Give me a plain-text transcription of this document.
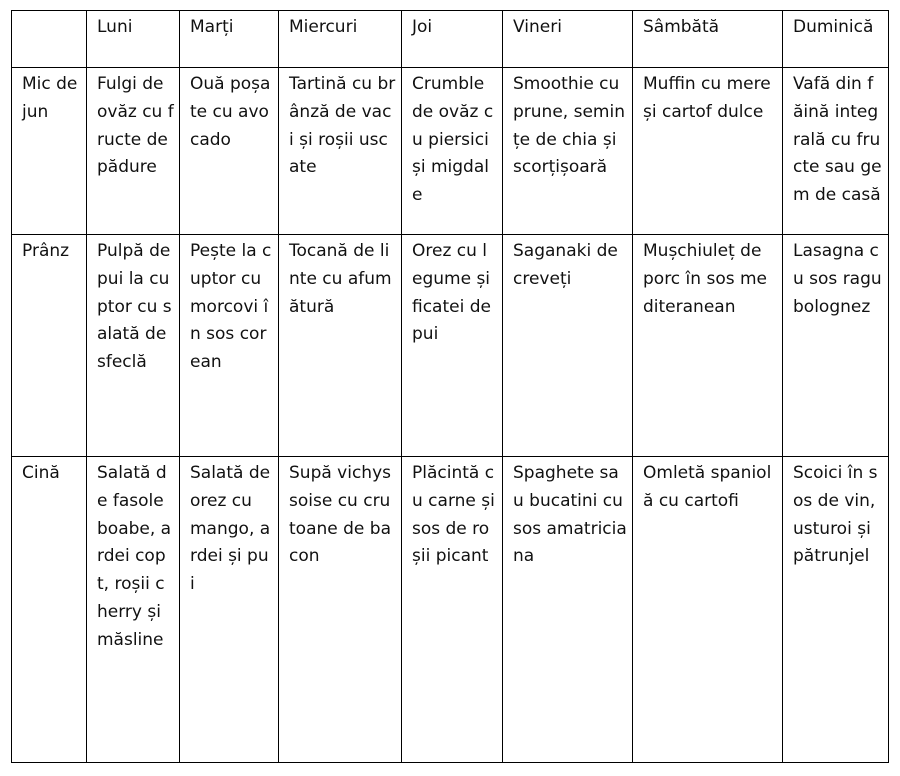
	Luni	Marți	Miercuri	Joi	Vineri	Sâmbătă	Duminică
Mic dejun	Fulgi de ovăz cu fructe de pădure	Ouă poșate cu avocado	Tartină cu brânză de vaci și roșii uscate	Crumble de ovăz cu piersici și migdale	Smoothie cu prune, semințe de chia și scorțișoară	Muffin cu mere și cartof dulce	Vafă din făină integrală cu fructe sau gem de casă
Prânz	Pulpă de pui la cuptor cu salată de sfeclă	Pește la cuptor cu morcovi în sos corean	Tocană de linte cu afumătură	Orez cu legume și ficatei de pui	Saganaki de creveți	Mușchiuleț de porc în sos mediteranean	Lasagna cu sos ragu bolognez
Cină	Salată de fasole boabe, ardei copt, roșii cherry și măsline	Salată de orez cu mango, ardei și pui	Supă vichyssoise cu crutoane de bacon	Plăcintă cu carne și sos de roșii picant	Spaghete sau bucatini cu sos amatriciana	Omletă spaniolă cu cartofi	Scoici în sos de vin, usturoi și pătrunjel
